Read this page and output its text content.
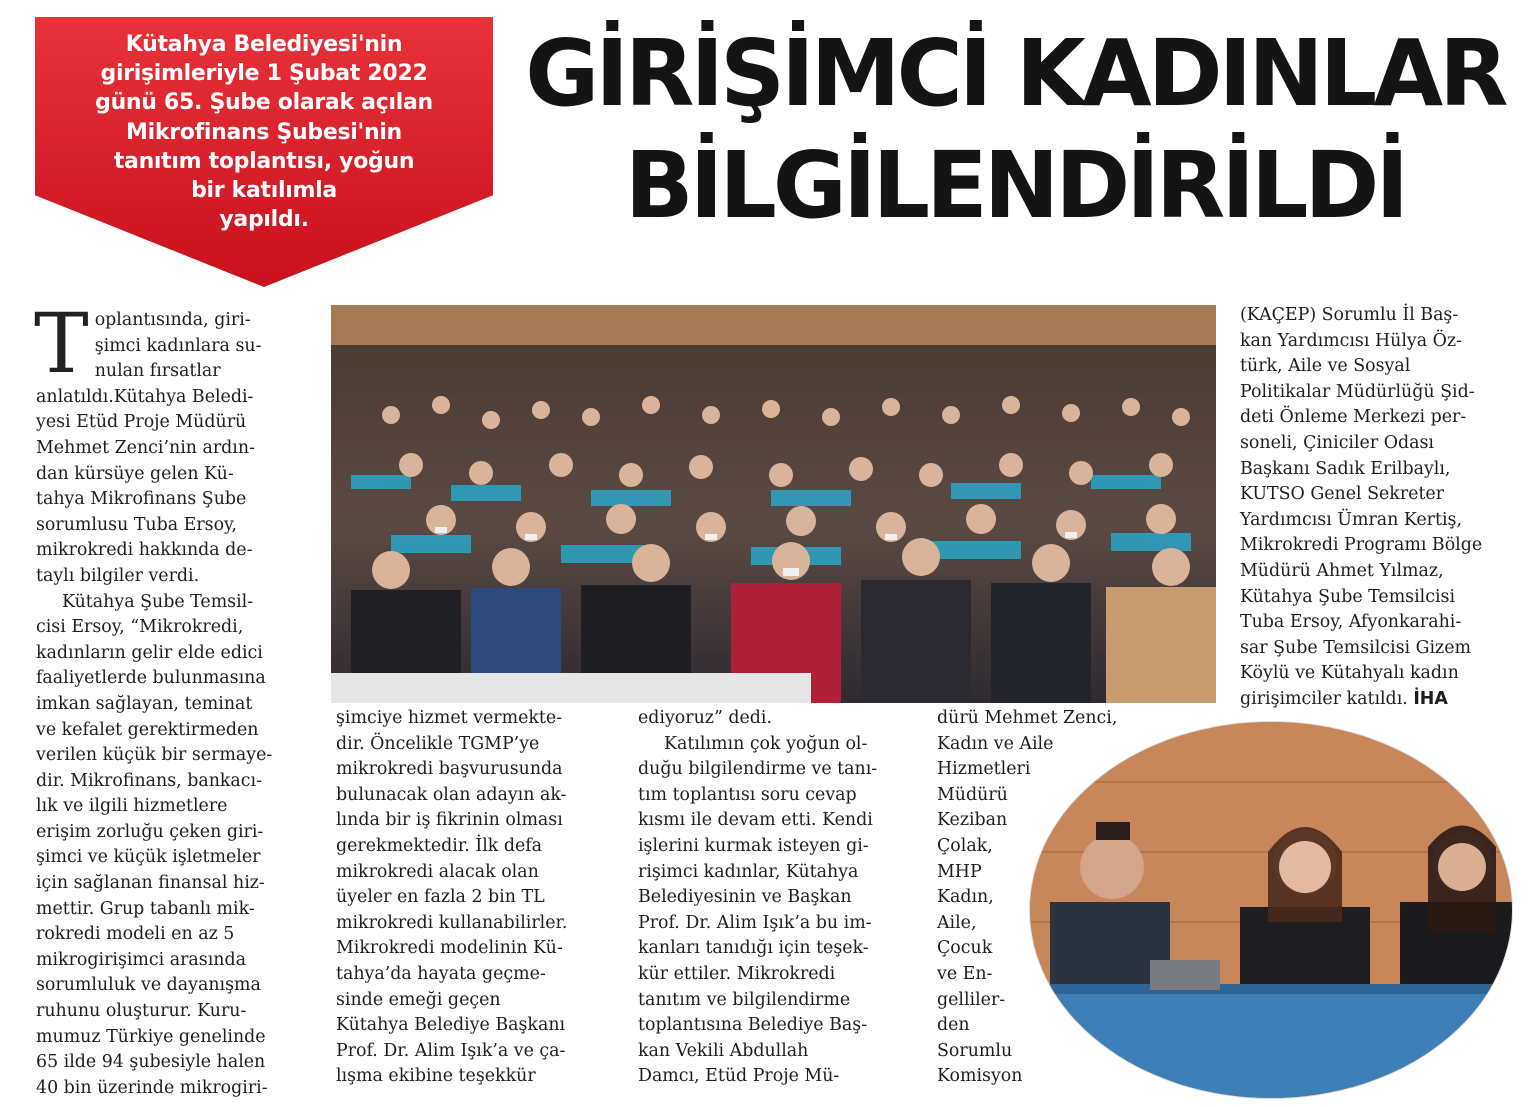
Kütahya Belediyesi'nin
girişimleriyle 1 Şubat 2022
günü 65. Şube olarak açılan
Mikrofinans Şubesi'nin
tanıtım toplantısı, yoğun
bir katılımla
yapıldı.
GİRİŞİMCİ KADINLAR
BİLGİLENDİRİLDİ
T oplantısında, giri-
şimci kadınlara su-
nulan fırsatlar
anlatıldı.Kütahya Beledi-
yesi Etüd Proje Müdürü
Mehmet Zenci’nin ardın-
dan kürsüye gelen Kü-
tahya Mikrofinans Şube
sorumlusu Tuba Ersoy,
mikrokredi hakkında de-
taylı bilgiler verdi.
Kütahya Şube Temsil-
cisi Ersoy, “Mikrokredi,
kadınların gelir elde edici
faaliyetlerde bulunmasına
imkan sağlayan, teminat
ve kefalet gerektirmeden
verilen küçük bir sermaye-
dir. Mikrofinans, bankacı-
lık ve ilgili hizmetlere
erişim zorluğu çeken giri-
şimci ve küçük işletmeler
için sağlanan finansal hiz-
mettir. Grup tabanlı mik-
rokredi modeli en az 5
mikrogirişimci arasında
sorumluluk ve dayanışma
ruhunu oluşturur. Kuru-
mumuz Türkiye genelinde
65 ilde 94 şubesiyle halen
40 bin üzerinde mikrogiri-
şimciye hizmet vermekte-
dir. Öncelikle TGMP’ye
mikrokredi başvurusunda
bulunacak olan adayın ak-
lında bir iş fikrinin olması
gerekmektedir. İlk defa
mikrokredi alacak olan
üyeler en fazla 2 bin TL
mikrokredi kullanabilirler.
Mikrokredi modelinin Kü-
tahya’da hayata geçme-
sinde emeği geçen
Kütahya Belediye Başkanı
Prof. Dr. Alim Işık’a ve ça-
lışma ekibine teşekkür
ediyoruz” dedi.
Katılımın çok yoğun ol-
duğu bilgilendirme ve tanı-
tım toplantısı soru cevap
kısmı ile devam etti. Kendi
işlerini kurmak isteyen gi-
rişimci kadınlar, Kütahya
Belediyesinin ve Başkan
Prof. Dr. Alim Işık’a bu im-
kanları tanıdığı için teşek-
kür ettiler. Mikrokredi
tanıtım ve bilgilendirme
toplantısına Belediye Baş-
kan Vekili Abdullah
Damcı, Etüd Proje Mü-
dürü Mehmet Zenci,
Kadın ve Aile
Hizmetleri
Müdürü
Keziban
Çolak,
MHP
Kadın,
Aile,
Çocuk
ve En-
gelliler-
den
Sorumlu
Komisyon
(KAÇEP) Sorumlu İl Baş-
kan Yardımcısı Hülya Öz-
türk, Aile ve Sosyal
Politikalar Müdürlüğü Şid-
deti Önleme Merkezi per-
soneli, Çiniciler Odası
Başkanı Sadık Erilbaylı,
KUTSO Genel Sekreter
Yardımcısı Ümran Kertiş,
Mikrokredi Programı Bölge
Müdürü Ahmet Yılmaz,
Kütahya Şube Temsilcisi
Tuba Ersoy, Afyonkarahi-
sar Şube Temsilcisi Gizem
Köylü ve Kütahyalı kadın
girişimciler katıldı. İHA
